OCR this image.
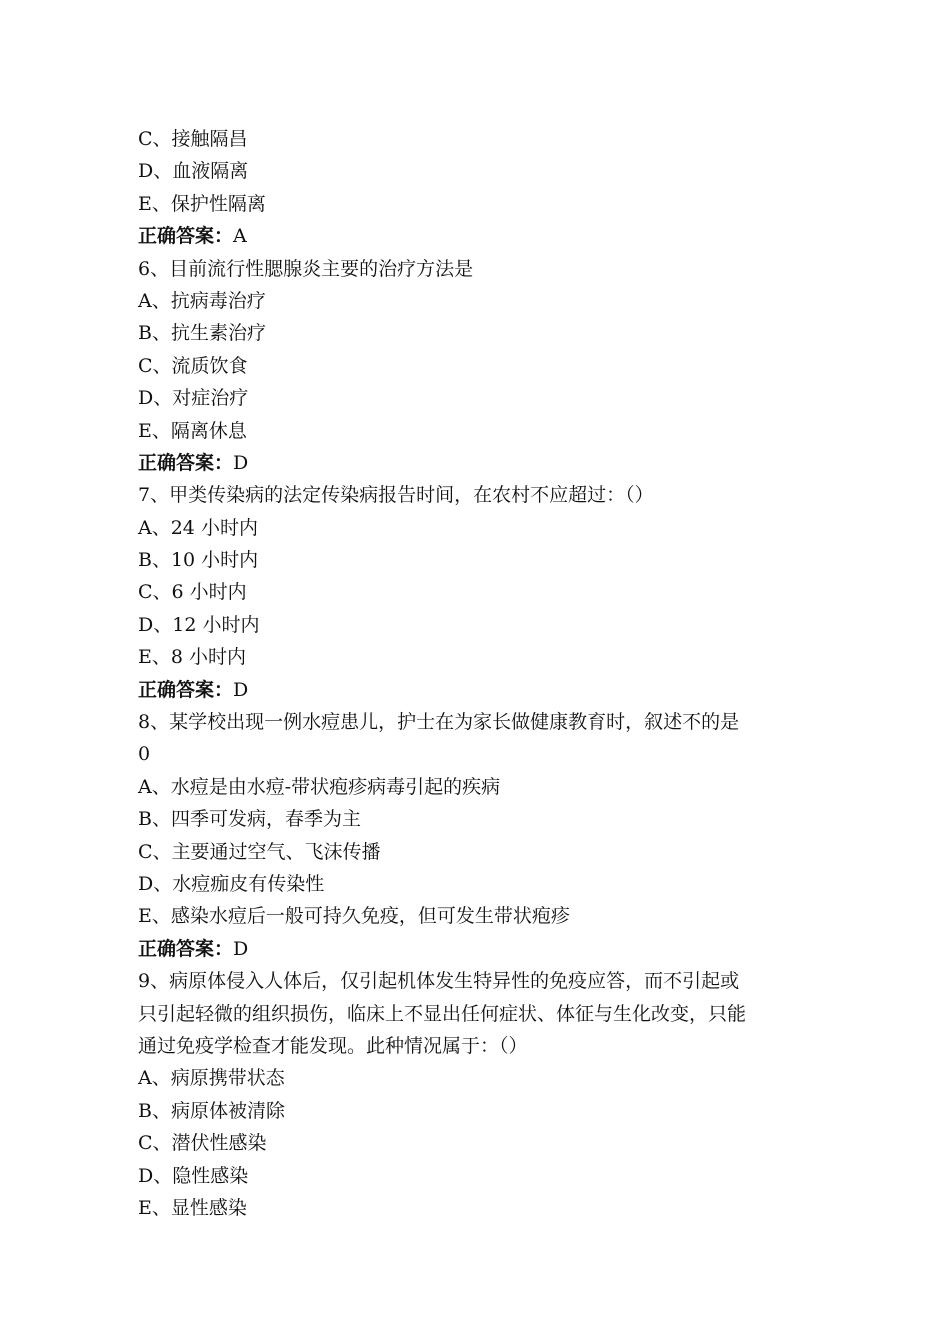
C、接触隔昌
D、血液隔离
E、保护性隔离
正确答案：A
6、目前流行性腮腺炎主要的治疗方法是
A、抗病毒治疗
B、抗生素治疗
C、流质饮食
D、对症治疗
E、隔离休息
正确答案：D
7、甲类传染病的法定传染病报告时间，在农村不应超过：（）
A、24 小时内
B、10 小时内
C、6 小时内
D、12 小时内
E、8 小时内
正确答案：D
8、某学校出现一例水痘患儿，护士在为家长做健康教育时，叙述不的是
0
A、水痘是由水痘-带状疱疹病毒引起的疾病
B、四季可发病，春季为主
C、主要通过空气、飞沫传播
D、水痘痂皮有传染性
E、感染水痘后一般可持久免疫，但可发生带状疱疹
正确答案：D
9、病原体侵入人体后，仅引起机体发生特异性的免疫应答，而不引起或
只引起轻微的组织损伤，临床上不显出任何症状、体征与生化改变，只能
通过免疫学检查才能发现。此种情况属于：（）
A、病原携带状态
B、病原体被清除
C、潜伏性感染
D、隐性感染
E、显性感染
